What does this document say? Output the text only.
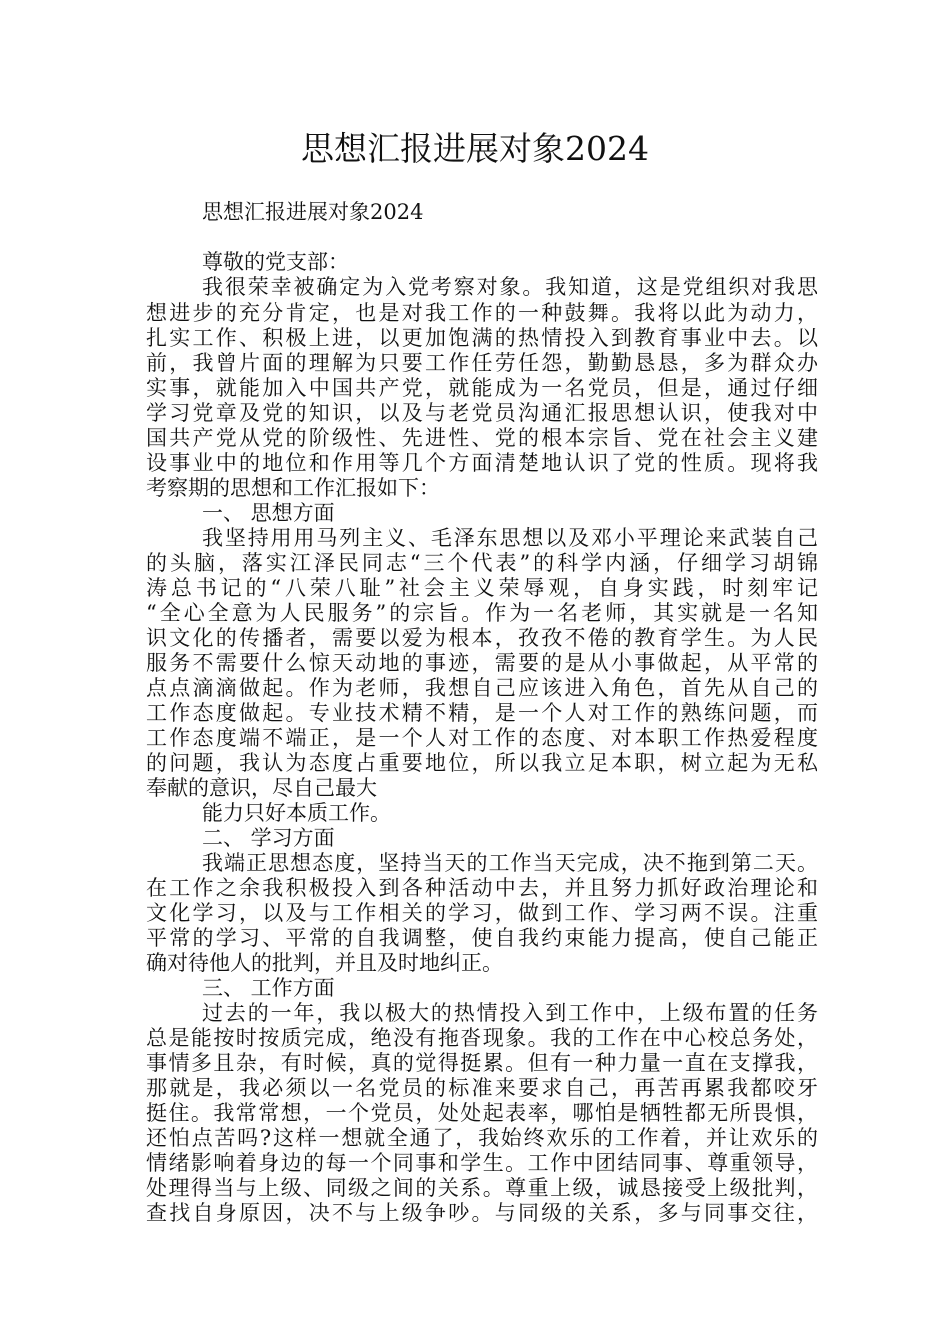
思想汇报进展对象2024
思想汇报进展对象2024
尊敬的党支部：
我很荣幸被确定为入党考察对象。我知道，这是党组织对我思
想进步的充分肯定，也是对我工作的一种鼓舞。我将以此为动力，
扎实工作、积极上进，以更加饱满的热情投入到教育事业中去。以
前，我曾片面的理解为只要工作任劳任怨，勤勤恳恳，多为群众办
实事，就能加入中国共产党，就能成为一名党员，但是，通过仔细
学习党章及党的知识，以及与老党员沟通汇报思想认识，使我对中
国共产党从党的阶级性、先进性、党的根本宗旨、党在社会主义建
设事业中的地位和作用等几个方面清楚地认识了党的性质。现将我
考察期的思想和工作汇报如下：
一、 思想方面
我坚持用用马列主义、毛泽东思想以及邓小平理论来武装自己
的头脑，落实江泽民同志“三个代表”的科学内涵，仔细学习胡锦
涛总书记的“八荣八耻”社会主义荣辱观，自身实践，时刻牢记
“全心全意为人民服务”的宗旨。作为一名老师，其实就是一名知
识文化的传播者，需要以爱为根本，孜孜不倦的教育学生。为人民
服务不需要什么惊天动地的事迹，需要的是从小事做起，从平常的
点点滴滴做起。作为老师，我想自己应该进入角色，首先从自己的
工作态度做起。专业技术精不精，是一个人对工作的熟练问题，而
工作态度端不端正，是一个人对工作的态度、对本职工作热爱程度
的问题，我认为态度占重要地位，所以我立足本职，树立起为无私
奉献的意识，尽自己最大
能力只好本质工作。
二、 学习方面
我端正思想态度，坚持当天的工作当天完成，决不拖到第二天。
在工作之余我积极投入到各种活动中去，并且努力抓好政治理论和
文化学习，以及与工作相关的学习，做到工作、学习两不误。注重
平常的学习、平常的自我调整，使自我约束能力提高，使自己能正
确对待他人的批判，并且及时地纠正。
三、 工作方面
过去的一年，我以极大的热情投入到工作中，上级布置的任务
总是能按时按质完成，绝没有拖沓现象。我的工作在中心校总务处，
事情多且杂，有时候，真的觉得挺累。但有一种力量一直在支撑我，
那就是，我必须以一名党员的标准来要求自己，再苦再累我都咬牙
挺住。我常常想，一个党员，处处起表率，哪怕是牺牲都无所畏惧，
还怕点苦吗?这样一想就全通了，我始终欢乐的工作着，并让欢乐的
情绪影响着身边的每一个同事和学生。工作中团结同事、尊重领导，
处理得当与上级、同级之间的关系。尊重上级，诚恳接受上级批判，
查找自身原因，决不与上级争吵。与同级的关系，多与同事交往，
